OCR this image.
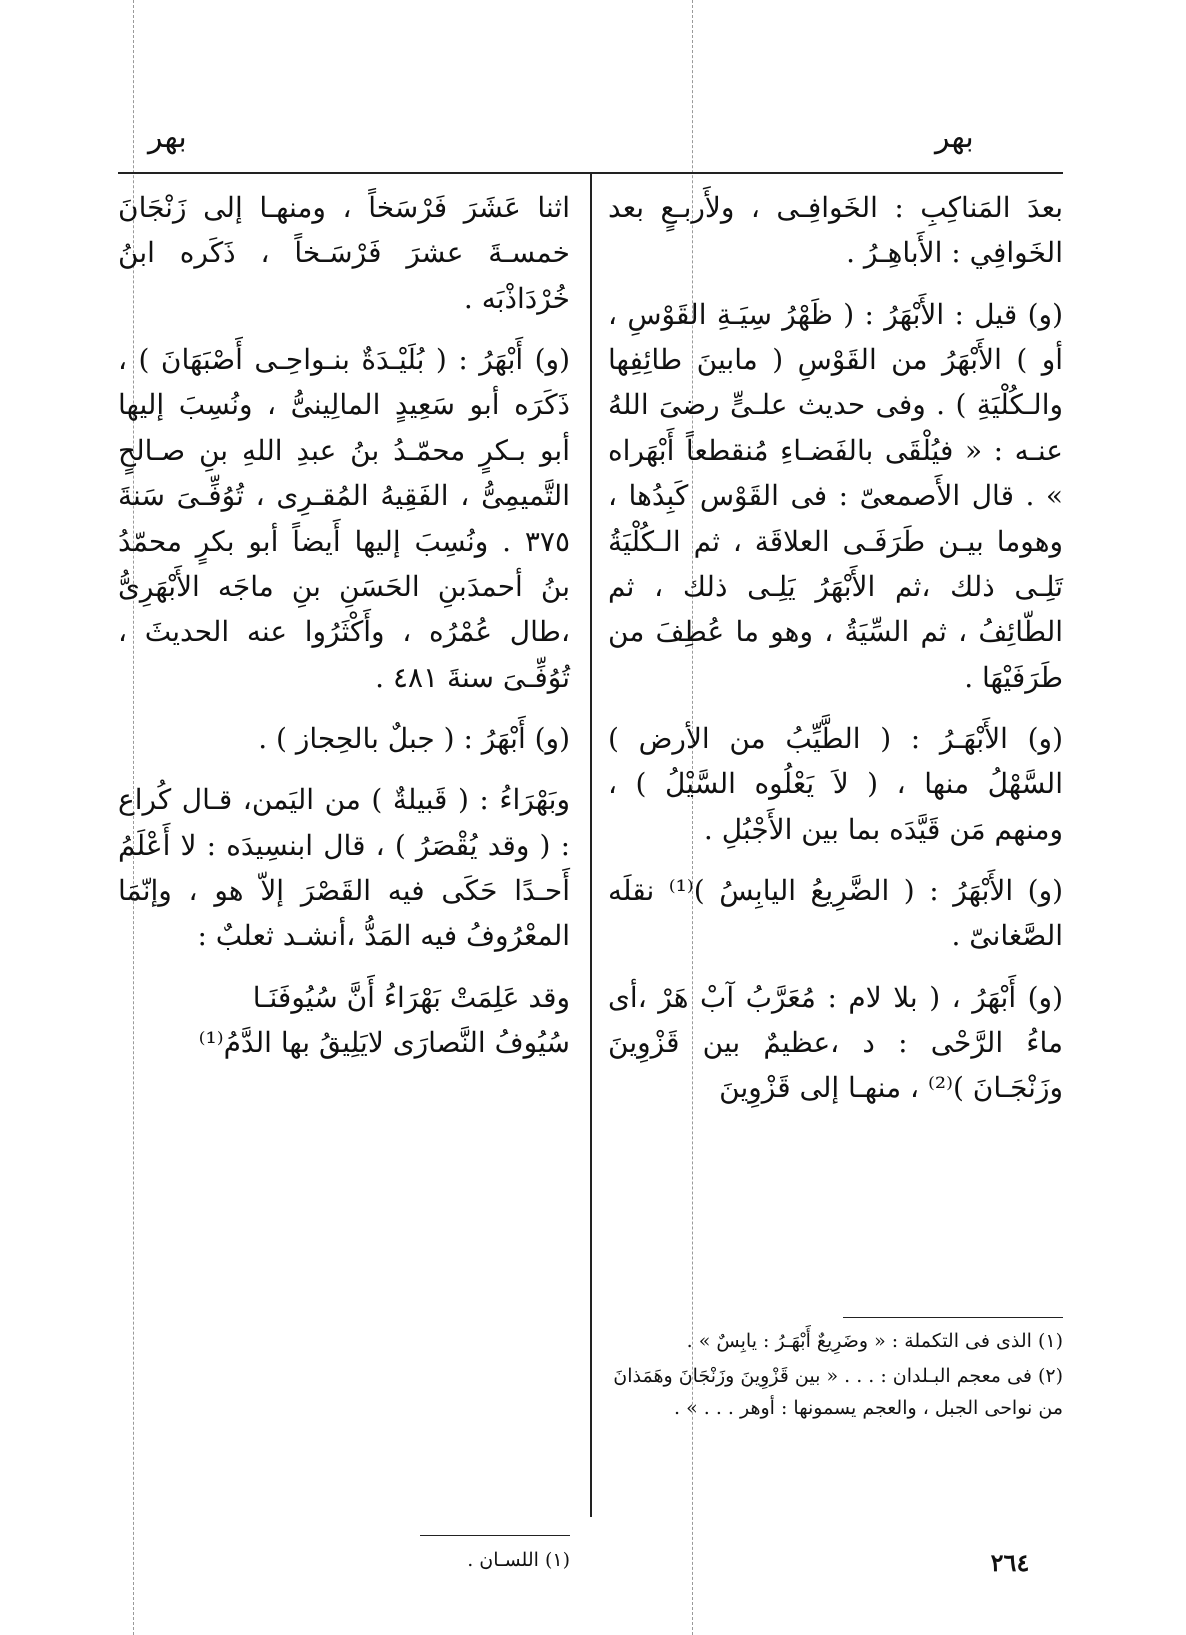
بهر
بهر

بعدَ المَناكِبِ : الخَوافِـى ، ولأَربـعٍ بعد الخَوافِي : الأَباهِـرُ .

(و) قيل : الأَبْهَرُ : ( ظَهْرُ سِيَـةِ القَوْسِ ، أو ) الأَبْهَرُ من القَوْسِ ( مابينَ طائِفِها والـكُلْيَةِ ) . وفى حديث علـىٍّ رضىَ اللهُ عنـه : « فيُلْقَى بالفَضـاءِ مُنقطعاً أَبْهَراه » . قال الأَصمعىّ : فى القَوْس كَبِدُها ، وهوما بيـن طَرَفَـى العلاقَة ، ثم الـكُلْيَةُ تَلِـى ذلك ،ثم الأَبْهَرُ يَلِـى ذلك ، ثم الطّائِفُ ، ثم السِّيَةُ ، وهو ما عُطِفَ من طَرَفَيْهَا .

(و) الأَبْهَـرُ : ( الطَّيِّبُ من الأرض ) السَّهْلُ منها ، ( لاَ يَعْلُوه السَّيْلُ ) ، ومنهم مَن قَيَّدَه بما بين الأَجْبُلِ .

(و) الأَبْهَرُ : ( الضَّرِيعُ اليابِسُ )⁽¹⁾ نقلَه الصَّغانىّ .

(و) أَبْهَرُ ، ( بلا لام : مُعَرَّبُ آبْ هَرْ ،أى ماءُ الرَّحْى : د ،عظيمٌ بين قَزْوِينَ وزَنْجَـانَ )⁽²⁾ ، منهـا إلى قَزْوِينَ

(١) الذى فى التكملة : « وضَرِيعٌ أَبْهَـرُ : يابِسٌ » .

(٢) فى معجم البـلدان : . . . « بين قَزْوِينَ وزَنْجَانَ وهَمَذانَ من نواحى الجبل ، والعجم يسمونها : أوهر . . . » .

اثنا عَشَرَ فَرْسَخاً ، ومنهـا إلى زَنْجَانَ خمسـةَ عشرَ فَرْسَـخاً ، ذَكَره ابنُ خُرْدَاذْبَه .

(و) أَبْهَرُ : ( بُلَيْـدَةٌ بنـواحِـى أَصْبَهَانَ ) ، ذَكَرَه أبو سَعِيدٍ المالِينىُّ ، ونُسِبَ إليها أبو بـكرٍ محمّـدُ بنُ عبدِ اللهِ بنِ صـالحٍ التَّميمِىُّ ، الفَقِيهُ المُقـرِى ، تُوُفِّـىَ سَنةَ ٣٧٥ . ونُسِبَ إليها أَيضاً أبو بكرٍ محمّدُ بنُ أحمدَبنِ الحَسَنِ بنِ ماجَه الأَبْهَرِىُّ ،طال عُمْرُه ، وأَكْثَرُوا عنه الحديثَ ، تُوُفِّـىَ سنةَ ٤٨١ .

(و) أَبْهَرُ : ( جبلٌ بالحِجاز ) .

وبَهْرَاءُ : ( قَبيلةٌ ) من اليَمن، قـال كُراع : ( وقد يُقْصَرُ ) ، قال ابنسِيدَه : لا أَعْلَمُ أَحـدًا حَكَى فيه القَصْرَ إلاّ هو ، وإنّمَا المعْرُوفُ فيه المَدُّ ،أنشـد ثعلبٌ :

وقد عَلِمَتْ بَهْرَاءُ أَنَّ سُيُوفَنَـا

سُيُوفُ النَّصارَى لايَلِيقُ بها الدَّمُ⁽¹⁾

(١) اللسـان .	٢٦٤
